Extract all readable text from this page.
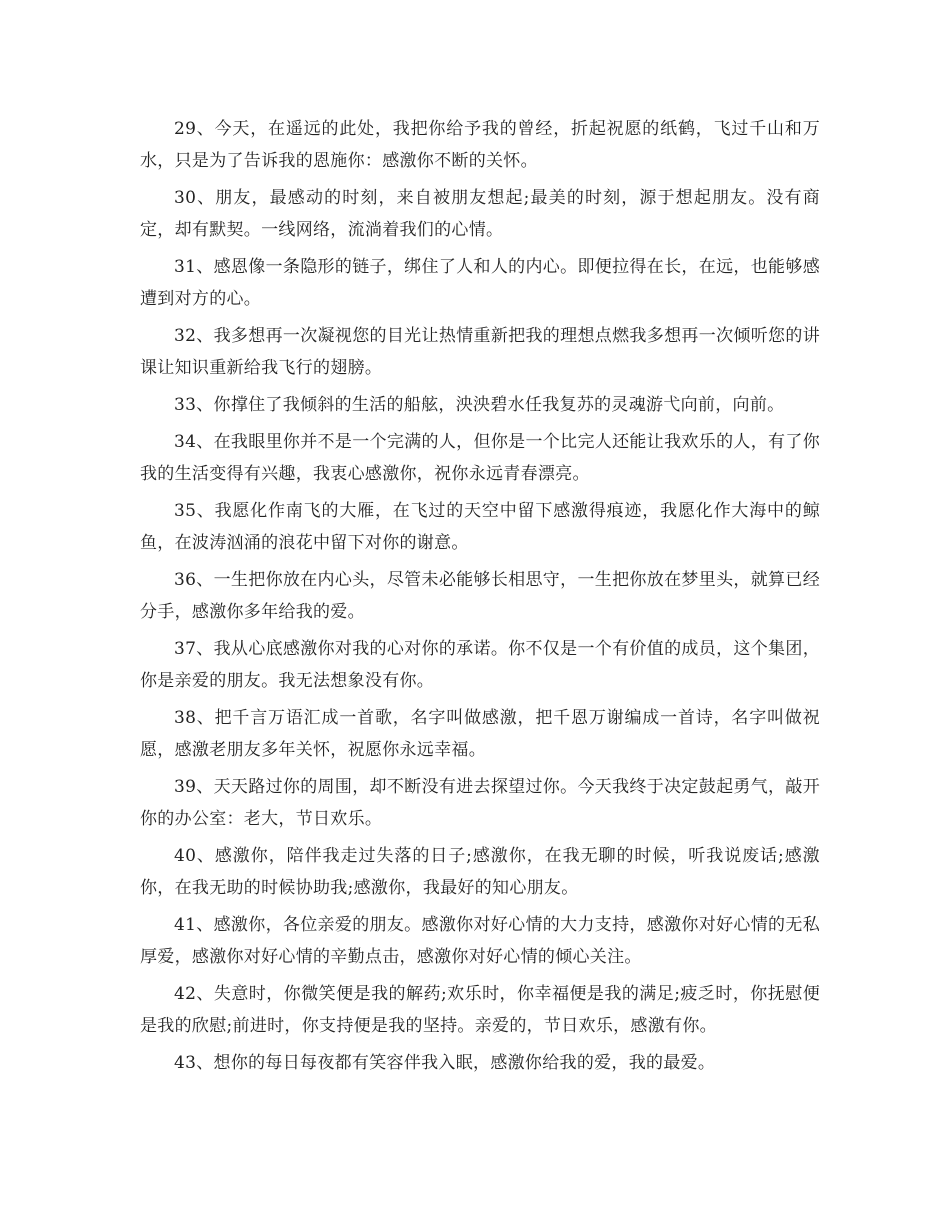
29、今天，在遥远的此处，我把你给予我的曾经，折起祝愿的纸鹤，飞过千山和万水，只是为了告诉我的恩施你：感激你不断的关怀。

30、朋友，最感动的时刻，来自被朋友想起;最美的时刻，源于想起朋友。没有商定，却有默契。一线网络，流淌着我们的心情。

31、感恩像一条隐形的链子，绑住了人和人的内心。即便拉得在长，在远，也能够感遭到对方的心。

32、我多想再一次凝视您的目光让热情重新把我的理想点燃我多想再一次倾听您的讲课让知识重新给我飞行的翅膀。

33、你撑住了我倾斜的生活的船舷，泱泱碧水任我复苏的灵魂游弋向前，向前。

34、在我眼里你并不是一个完满的人，但你是一个比完人还能让我欢乐的人，有了你我的生活变得有兴趣，我衷心感激你，祝你永远青春漂亮。

35、我愿化作南飞的大雁，在飞过的天空中留下感激得痕迹，我愿化作大海中的鲸鱼，在波涛汹涌的浪花中留下对你的谢意。

36、一生把你放在内心头，尽管未必能够长相思守，一生把你放在梦里头，就算已经分手，感激你多年给我的爱。

37、我从心底感激你对我的心对你的承诺。你不仅是一个有价值的成员，这个集团，你是亲爱的朋友。我无法想象没有你。

38、把千言万语汇成一首歌，名字叫做感激，把千恩万谢编成一首诗，名字叫做祝愿，感激老朋友多年关怀，祝愿你永远幸福。

39、天天路过你的周围，却不断没有进去探望过你。今天我终于决定鼓起勇气，敲开你的办公室：老大，节日欢乐。

40、感激你，陪伴我走过失落的日子;感激你，在我无聊的时候，听我说废话;感激你，在我无助的时候协助我;感激你，我最好的知心朋友。

41、感激你，各位亲爱的朋友。感激你对好心情的大力支持，感激你对好心情的无私厚爱，感激你对好心情的辛勤点击，感激你对好心情的倾心关注。

42、失意时，你微笑便是我的解药;欢乐时，你幸福便是我的满足;疲乏时，你抚慰便是我的欣慰;前进时，你支持便是我的坚持。亲爱的，节日欢乐，感激有你。

43、想你的每日每夜都有笑容伴我入眠，感激你给我的爱，我的最爱。
